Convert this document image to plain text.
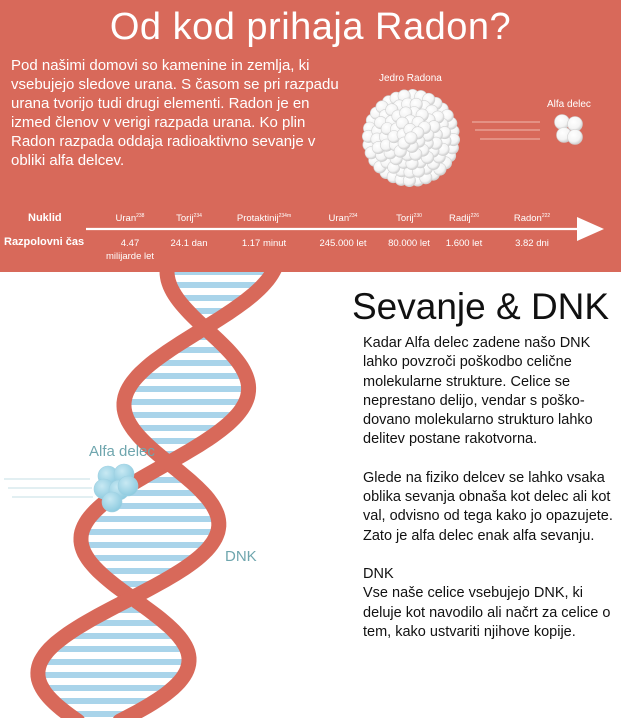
Od kod prihaja Radon?
Pod našimi domovi so kamenine in zemlja, ki vsebujejo sledove urana. S časom se pri razpadu urana tvorijo tudi drugi elementi. Radon je en izmed členov v verigi razpada urana. Ko plin Radon razpada oddaja radioaktivno sevanje v obliki alfa delcev.
Jedro Radona
Alfa delec
Nuklid
Razpolovni čas
Uran$^{238}$
4.47
milijarde let
Torij$^{234}$
24.1 dan
Protaktinij$^{234m}$
1.17 minut
Uran$^{234}$
245.000 let
Torij$^{230}$
80.000 let
Radij$^{226}$
1.600 let
Radon$^{222}$
3.82 dni
Alfa delec
DNK
Sevanje & DNK

Kadar Alfa delec zadene našo DNK lahko povzroči poškodbo celične molekularne strukture. Celice se neprestano delijo, vendar s poško-dovano molekularno strukturo lahko delitev postane rakotvorna.

Glede na fiziko delcev se lahko vsaka oblika sevanja obnaša kot delec ali kot val, odvisno od tega kako jo opazujete. Zato je alfa delec enak alfa sevanju.

DNK

Vse naše celice vsebujejo DNK, ki deluje kot navodilo ali načrt za celice o tem, kako ustvariti njihove kopije.
